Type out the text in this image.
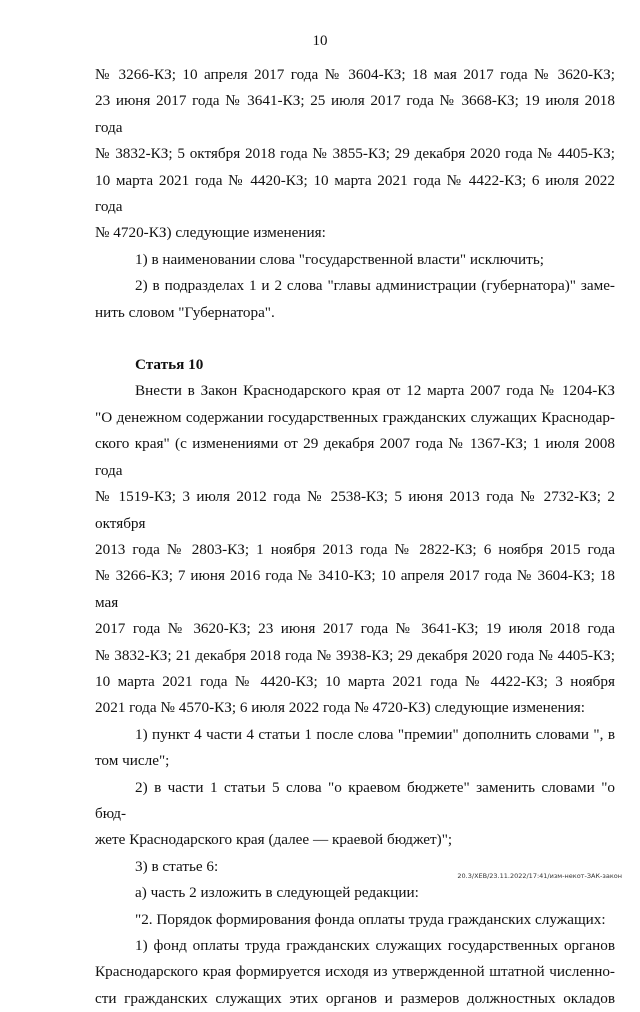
10

№ 3266-КЗ; 10 апреля 2017 года № 3604-КЗ; 18 мая 2017 года № 3620-КЗ;

23 июня 2017 года № 3641-КЗ; 25 июля 2017 года № 3668-КЗ; 19 июля 2018 года

№ 3832-КЗ; 5 октября 2018 года № 3855-КЗ; 29 декабря 2020 года № 4405-КЗ;

10 марта 2021 года № 4420-КЗ; 10 марта 2021 года № 4422-КЗ; 6 июля 2022 года

№ 4720-КЗ) следующие изменения:

1) в наименовании слова "государственной власти" исключить;

2) в подразделах 1 и 2 слова "главы администрации (губернатора)" заме-

нить словом "Губернатора".

Статья 10

Внести в Закон Краснодарского края от 12 марта 2007 года № 1204-КЗ

"О денежном содержании государственных гражданских служащих Краснодар-

ского края" (с изменениями от 29 декабря 2007 года № 1367-КЗ; 1 июля 2008 года

№ 1519-КЗ; 3 июля 2012 года № 2538-КЗ; 5 июня 2013 года № 2732-КЗ; 2 октября

2013 года № 2803-КЗ; 1 ноября 2013 года № 2822-КЗ; 6 ноября 2015 года

№ 3266-КЗ; 7 июня 2016 года № 3410-КЗ; 10 апреля 2017 года № 3604-КЗ; 18 мая

2017 года № 3620-КЗ; 23 июня 2017 года № 3641-КЗ; 19 июля 2018 года

№ 3832-КЗ; 21 декабря 2018 года № 3938-КЗ; 29 декабря 2020 года № 4405-КЗ;

10 марта 2021 года № 4420-КЗ; 10 марта 2021 года № 4422-КЗ; 3 ноября

2021 года № 4570-КЗ; 6 июля 2022 года № 4720-КЗ) следующие изменения:

1) пункт 4 части 4 статьи 1 после слова "премии" дополнить словами ", в

том числе";

2) в части 1 статьи 5 слова "о краевом бюджете" заменить словами "о бюд-

жете Краснодарского края (далее — краевой бюджет)";

3) в статье 6:

а) часть 2 изложить в следующей редакции:

"2. Порядок формирования фонда оплаты труда гражданских служащих:

1) фонд оплаты труда гражданских служащих государственных органов

Краснодарского края формируется исходя из утвержденной штатной численно-

сти гражданских служащих этих органов и размеров должностных окладов

20.3/ХЕВ/23.11.2022/17:41/изм-некот-ЗАК-закон
